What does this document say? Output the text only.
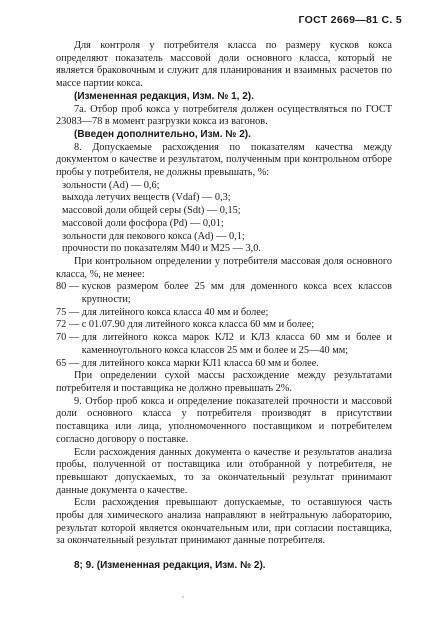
ГОСТ 2669—81 С. 5

Для контроля у потребителя класса по размеру кусков кокса определяют показатель массовой доли основного класса, который не является браковочным и служит для планирования и взаимных расчетов по массе партии кокса.

(Измененная редакция, Изм. № 1, 2).

7а. Отбор проб кокса у потребителя должен осуществляться по ГОСТ 23083—78 в момент разгрузки кокса из вагонов.

(Введен дополнительно, Изм. № 2).

8. Допускаемые расхождения по показателям качества между документом о качестве и результатом, полученным при контрольном отборе пробы у потребителя, не должны превышать, %:

зольности (Ad) — 0,6;

выхода летучих веществ (Vdaf) — 0,3;

массовой доли общей серы (Sdt) — 0,15;

массовой доли фосфора (Pd) — 0,01;

зольности для пекового кокса (Ad) — 0,1;

прочности по показателям М40 и М25 — 3,0.

При контрольном определении у потребителя массовая доля основного класса, %, не менее:

80 — кусков размером более 25 мм для доменного кокса всех классов крупности;
75 — для литейного кокса класса 40 мм и более;
72 — с 01.07.90 для литейного кокса класса 60 мм и более;
70 — для литейного кокса марок КЛ2 и КЛЗ класса 60 мм и более и каменноугольного кокса классов 25 мм и более и 25—40 мм;
65 — для литейного кокса марки КЛ1 класса 60 мм и более.

При определении сухой массы расхождение между результатами потребителя и поставщика не должно превышать 2%.

9. Отбор проб кокса и определение показателей прочности и массовой доли основного класса у потребителя производят в присутствии поставщика или лица, уполномоченного поставщиком и потребителем согласно договору о поставке.

Если расхождения данных документа о качестве и результатов анализа пробы, полученной от поставщика или отобранной у потребителя, не превышают допускаемых, то за окончательный результат принимают данные документа о качестве.

Если расхождения превышают допускаемые, то оставшуюся часть пробы для химического анализа направляют в нейтральную лабораторию, результат которой является окончательным или, при согласии поставщика, за окончательный результат принимают данные потребителя.

8; 9. (Измененная редакция, Изм. № 2).

,
